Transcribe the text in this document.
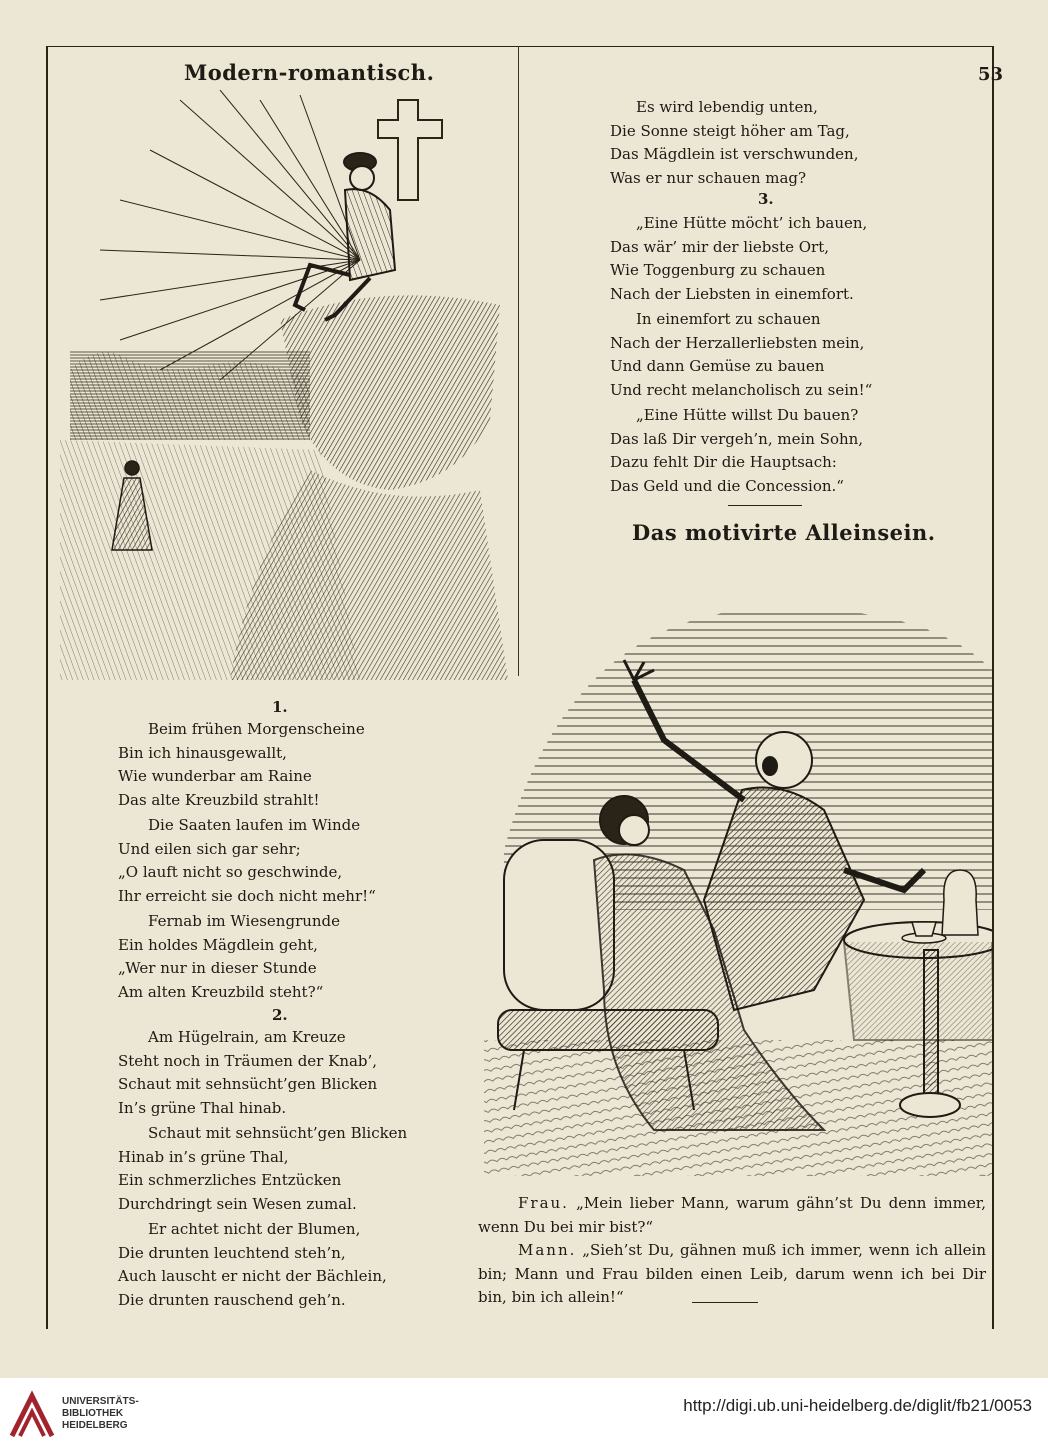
53
Modern-romantisch.
1.
Beim frühen Morgenscheine
Bin ich hinausgewallt,
Wie wunderbar am Raine
Das alte Kreuzbild strahlt!
Die Saaten laufen im Winde
Und eilen sich gar sehr;
„O lauft nicht so geschwinde,
Ihr erreicht sie doch nicht mehr!“
Fernab im Wiesengrunde
Ein holdes Mägdlein geht,
„Wer nur in dieser Stunde
Am alten Kreuzbild steht?“
2.
Am Hügelrain, am Kreuze
Steht noch in Träumen der Knab’,
Schaut mit sehnsücht’gen Blicken
In’s grüne Thal hinab.
Schaut mit sehnsücht’gen Blicken
Hinab in’s grüne Thal,
Ein schmerzliches Entzücken
Durchdringt sein Wesen zumal.
Er achtet nicht der Blumen,
Die drunten leuchtend steh’n,
Auch lauscht er nicht der Bächlein,
Die drunten rauschend geh’n.
Es wird lebendig unten,
Die Sonne steigt höher am Tag,
Das Mägdlein ist verschwunden,
Was er nur schauen mag?
3.
„Eine Hütte möcht’ ich bauen,
Das wär’ mir der liebste Ort,
Wie Toggenburg zu schauen
Nach der Liebsten in einemfort.
In einemfort zu schauen
Nach der Herzallerliebsten mein,
Und dann Gemüse zu bauen
Und recht melancholisch zu sein!“
„Eine Hütte willst Du bauen?
Das laß Dir vergeh’n, mein Sohn,
Dazu fehlt Dir die Hauptsach:
Das Geld und die Concession.“
Das motivirte Alleinsein.
Frau. „Mein lieber Mann, warum gähn’st Du denn immer, wenn Du bei mir bist?“
Mann. „Sieh’st Du, gähnen muß ich immer, wenn ich allein bin; Mann und Frau bilden einen Leib, darum wenn ich bei Dir bin, bin ich allein!“
UNIVERSITÄTS-
BIBLIOTHEK
HEIDELBERG
http://digi.ub.uni-heidelberg.de/diglit/fb21/0053
